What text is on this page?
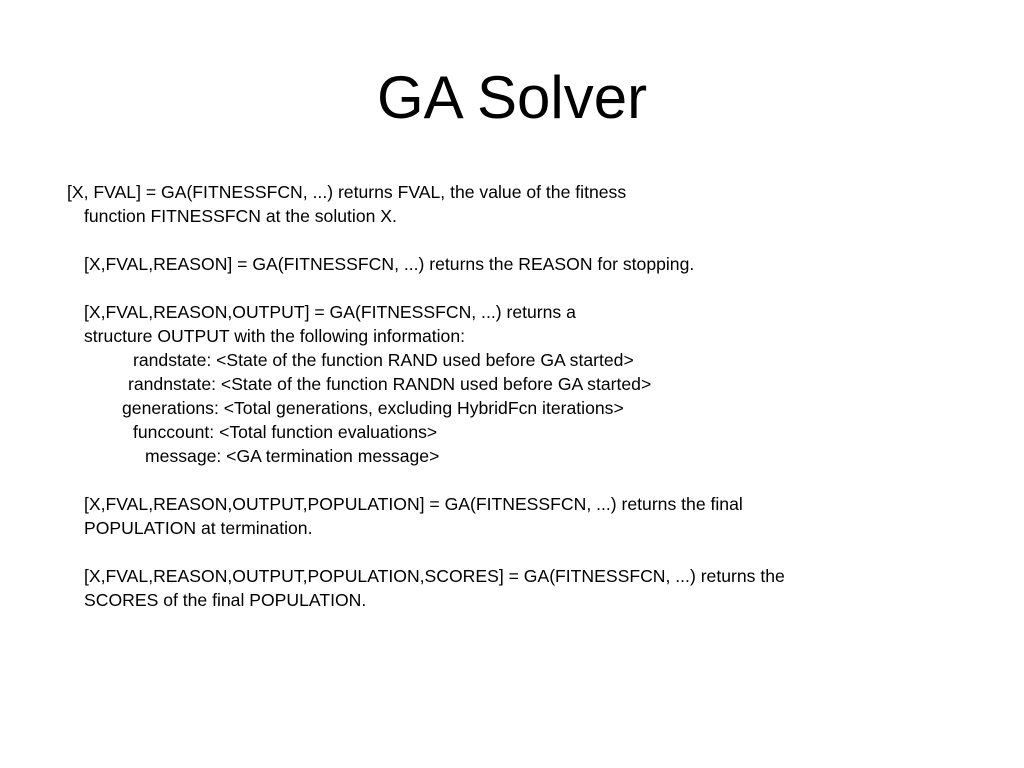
GA Solver
[X, FVAL] = GA(FITNESSFCN, ...) returns FVAL, the value of the fitness
function FITNESSFCN at the solution X.
[X,FVAL,REASON] = GA(FITNESSFCN, ...) returns the REASON for stopping.
[X,FVAL,REASON,OUTPUT] = GA(FITNESSFCN, ...) returns a
structure OUTPUT with the following information:
randstate: <State of the function RAND used before GA started>
randnstate: <State of the function RANDN used before GA started>
generations: <Total generations, excluding HybridFcn iterations>
funccount: <Total function evaluations>
message: <GA termination message>
[X,FVAL,REASON,OUTPUT,POPULATION] = GA(FITNESSFCN, ...) returns the final
POPULATION at termination.
[X,FVAL,REASON,OUTPUT,POPULATION,SCORES] = GA(FITNESSFCN, ...) returns the
SCORES of the final POPULATION.
